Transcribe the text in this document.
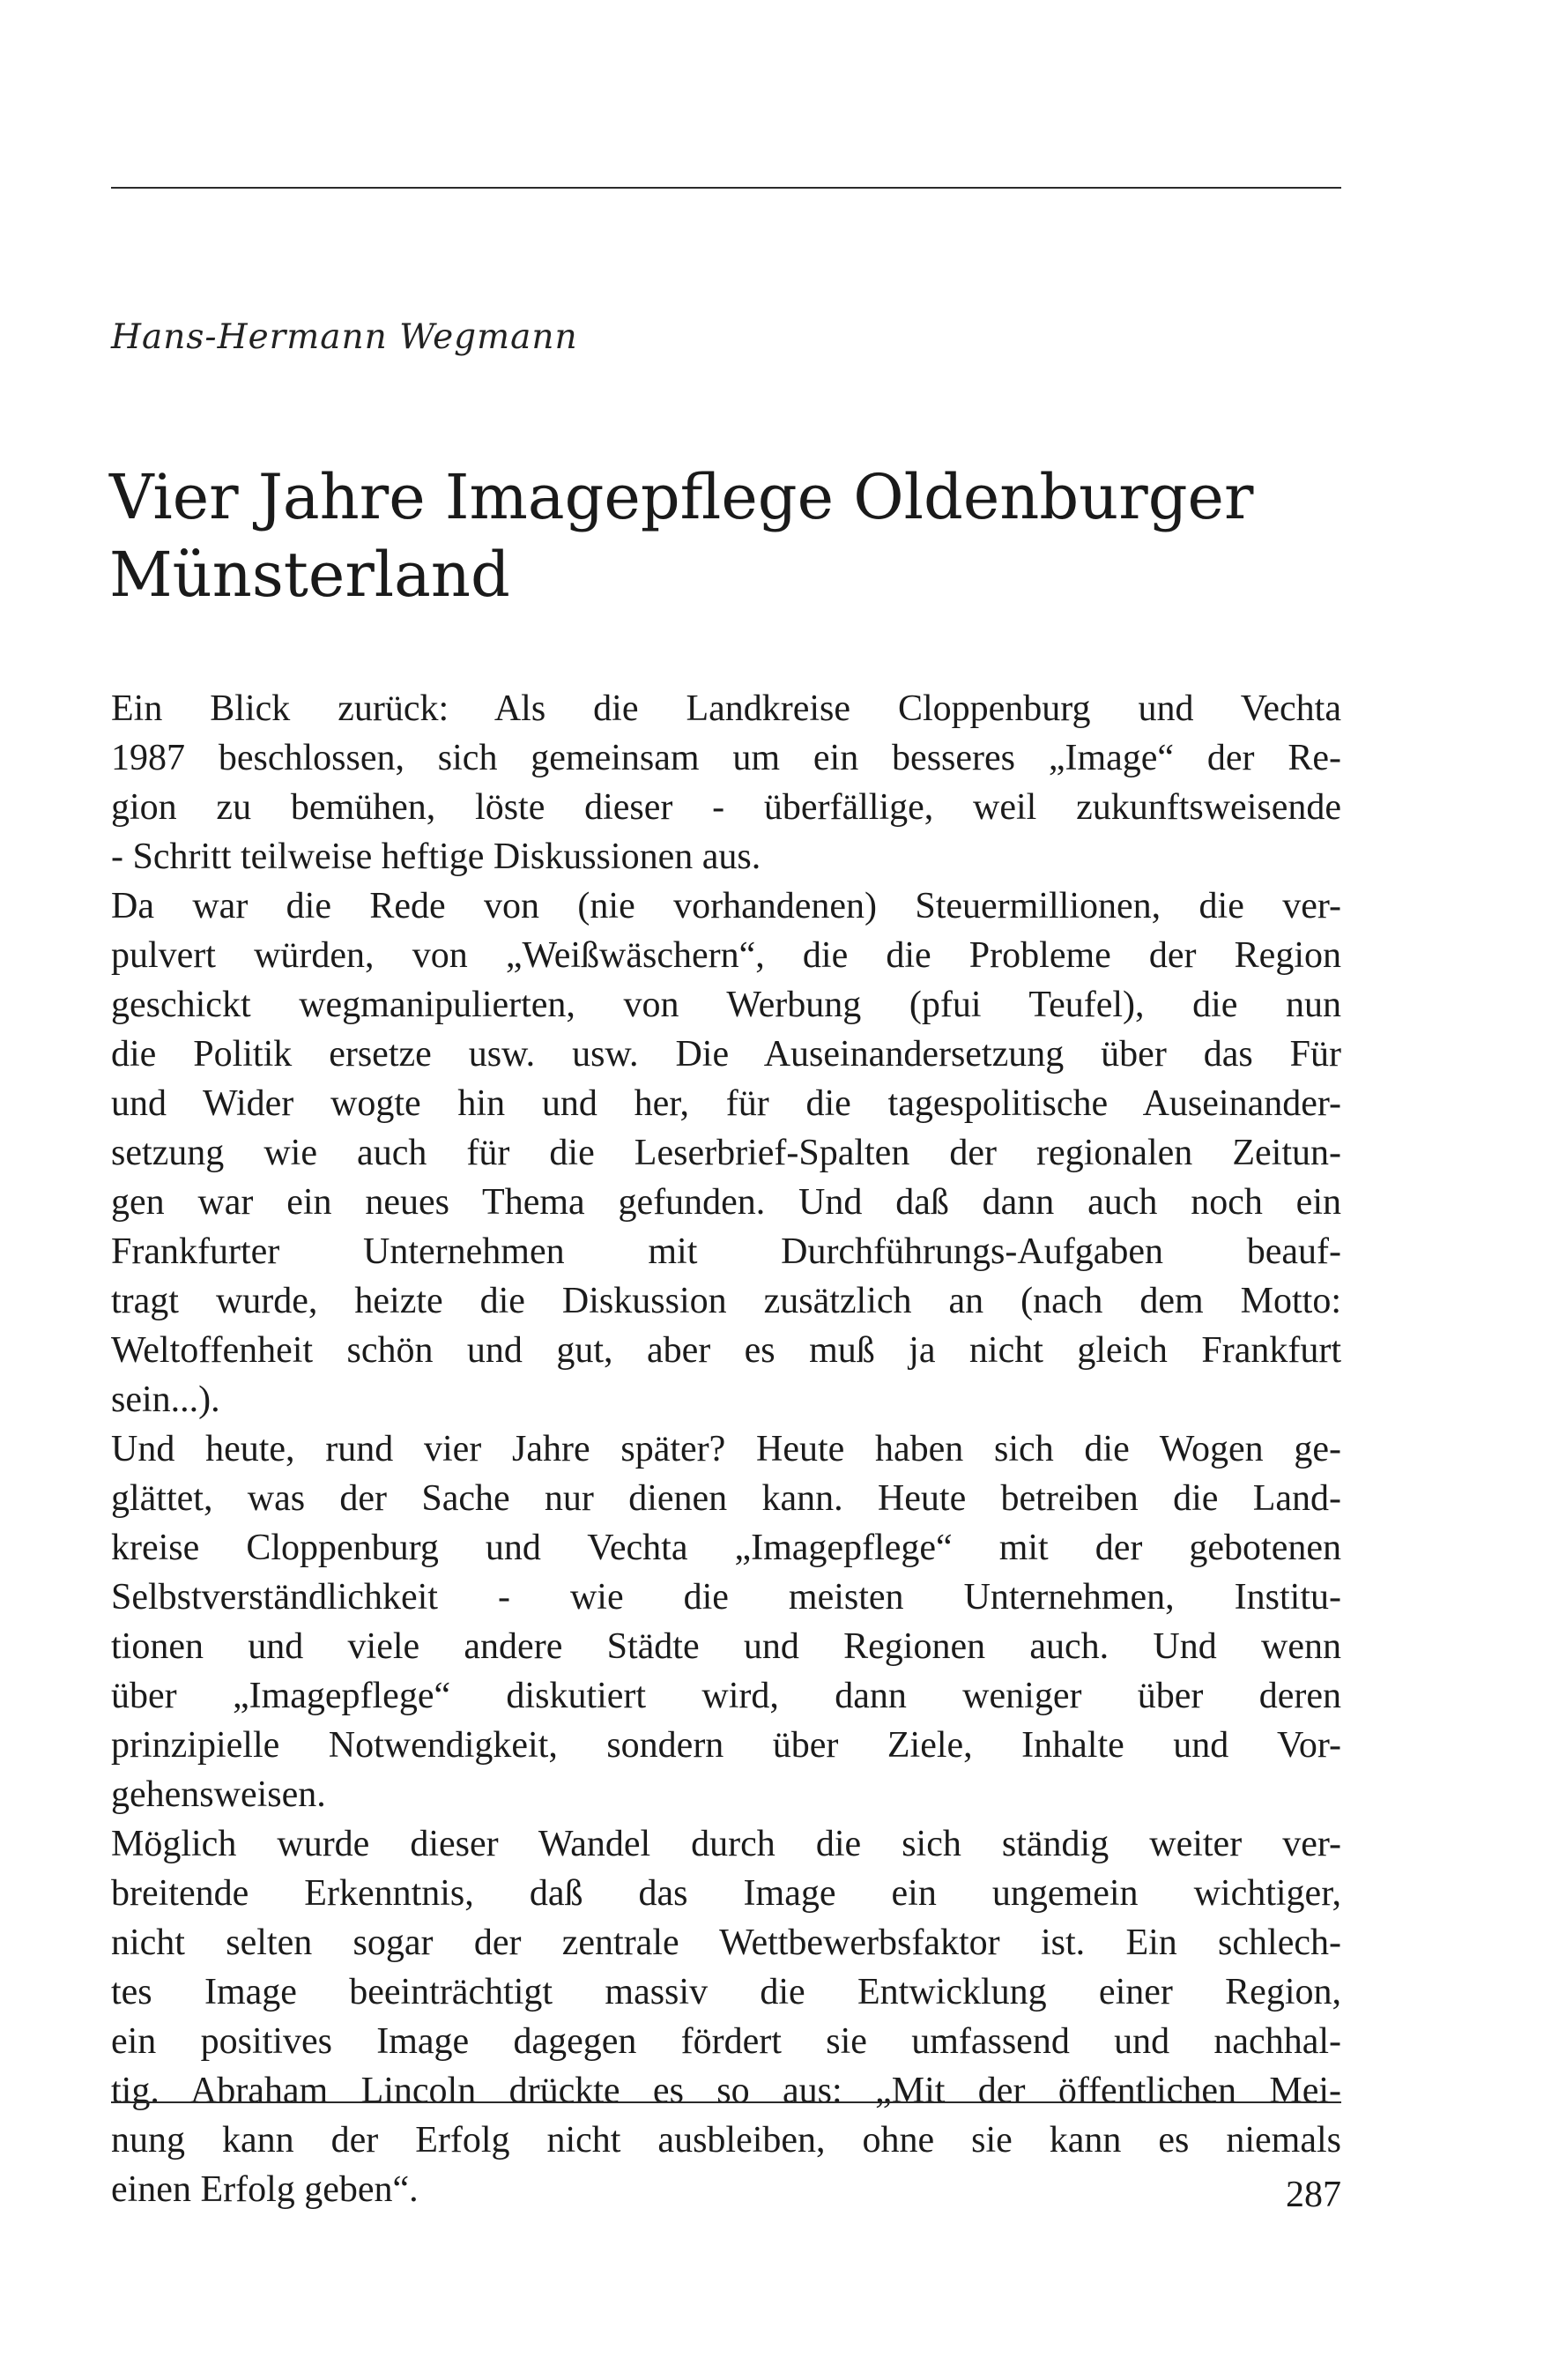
Hans-Hermann Wegmann
Vier Jahre Imagepflege Oldenburger
Münsterland
Ein Blick zurück: Als die Landkreise Cloppenburg und Vechta
1987 beschlossen, sich gemeinsam um ein besseres „Image“ der Re-
gion zu bemühen, löste dieser - überfällige, weil zukunftsweisende
- Schritt teilweise heftige Diskussionen aus.
Da war die Rede von (nie vorhandenen) Steuermillionen, die ver-
pulvert würden, von „Weißwäschern“, die die Probleme der Region
geschickt wegmanipulierten, von Werbung (pfui Teufel), die nun
die Politik ersetze usw. usw. Die Auseinandersetzung über das Für
und Wider wogte hin und her, für die tagespolitische Auseinander-
setzung wie auch für die Leserbrief-Spalten der regionalen Zeitun-
gen war ein neues Thema gefunden. Und daß dann auch noch ein
Frankfurter Unternehmen mit Durchführungs-Aufgaben beauf-
tragt wurde, heizte die Diskussion zusätzlich an (nach dem Motto:
Weltoffenheit schön und gut, aber es muß ja nicht gleich Frankfurt
sein...).
Und heute, rund vier Jahre später? Heute haben sich die Wogen ge-
glättet, was der Sache nur dienen kann. Heute betreiben die Land-
kreise Cloppenburg und Vechta „Imagepflege“ mit der gebotenen
Selbstverständlichkeit - wie die meisten Unternehmen, Institu-
tionen und viele andere Städte und Regionen auch. Und wenn
über „Imagepflege“ diskutiert wird, dann weniger über deren
prinzipielle Notwendigkeit, sondern über Ziele, Inhalte und Vor-
gehensweisen.
Möglich wurde dieser Wandel durch die sich ständig weiter ver-
breitende Erkenntnis, daß das Image ein ungemein wichtiger,
nicht selten sogar der zentrale Wettbewerbsfaktor ist. Ein schlech-
tes Image beeinträchtigt massiv die Entwicklung einer Region,
ein positives Image dagegen fördert sie umfassend und nachhal-
tig. Abraham Lincoln drückte es so aus: „Mit der öffentlichen Mei-
nung kann der Erfolg nicht ausbleiben, ohne sie kann es niemals
einen Erfolg geben“.	287
